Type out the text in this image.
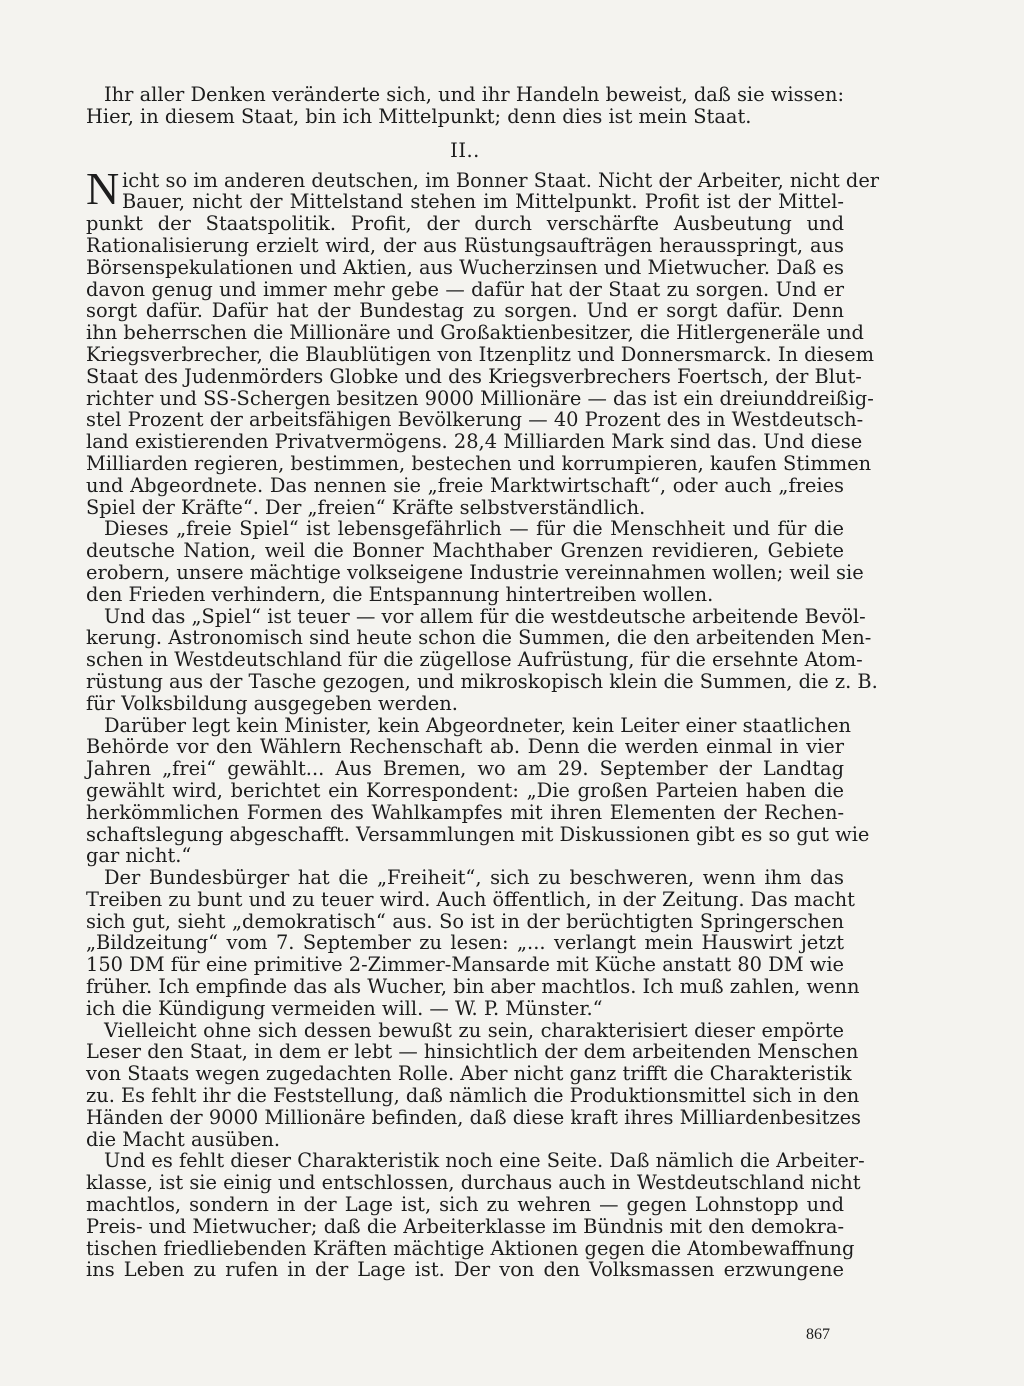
Ihr aller Denken veränderte sich, und ihr Handeln beweist, daß sie wissen:
Hier, in diesem Staat, bin ich Mittelpunkt; denn dies ist mein Staat.
II..
N icht so im anderen deutschen, im Bonner Staat. Nicht der Arbeiter, nicht der
Bauer, nicht der Mittelstand stehen im Mittelpunkt. Profit ist der Mittel-
punkt der Staatspolitik. Profit, der durch verschärfte Ausbeutung und
Rationalisierung erzielt wird, der aus Rüstungsaufträgen herausspringt, aus
Börsenspekulationen und Aktien, aus Wucherzinsen und Mietwucher. Daß es
davon genug und immer mehr gebe — dafür hat der Staat zu sorgen. Und er
sorgt dafür. Dafür hat der Bundestag zu sorgen. Und er sorgt dafür. Denn
ihn beherrschen die Millionäre und Großaktienbesitzer, die Hitlergeneräle und
Kriegsverbrecher, die Blaublütigen von Itzenplitz und Donnersmarck. In diesem
Staat des Judenmörders Globke und des Kriegsverbrechers Foertsch, der Blut-
richter und SS-Schergen besitzen 9000 Millionäre — das ist ein dreiunddreißig-
stel Prozent der arbeitsfähigen Bevölkerung — 40 Prozent des in Westdeutsch-
land existierenden Privatvermögens. 28,4 Milliarden Mark sind das. Und diese
Milliarden regieren, bestimmen, bestechen und korrumpieren, kaufen Stimmen
und Abgeordnete. Das nennen sie „freie Marktwirtschaft“, oder auch „freies
Spiel der Kräfte“. Der „freien“ Kräfte selbstverständlich.
Dieses „freie Spiel“ ist lebensgefährlich — für die Menschheit und für die
deutsche Nation, weil die Bonner Machthaber Grenzen revidieren, Gebiete
erobern, unsere mächtige volkseigene Industrie vereinnahmen wollen; weil sie
den Frieden verhindern, die Entspannung hintertreiben wollen.
Und das „Spiel“ ist teuer — vor allem für die westdeutsche arbeitende Bevöl-
kerung. Astronomisch sind heute schon die Summen, die den arbeitenden Men-
schen in Westdeutschland für die zügellose Aufrüstung, für die ersehnte Atom-
rüstung aus der Tasche gezogen, und mikroskopisch klein die Summen, die z. B.
für Volksbildung ausgegeben werden.
Darüber legt kein Minister, kein Abgeordneter, kein Leiter einer staatlichen
Behörde vor den Wählern Rechenschaft ab. Denn die werden einmal in vier
Jahren „frei“ gewählt... Aus Bremen, wo am 29. September der Landtag
gewählt wird, berichtet ein Korrespondent: „Die großen Parteien haben die
herkömmlichen Formen des Wahlkampfes mit ihren Elementen der Rechen-
schaftslegung abgeschafft. Versammlungen mit Diskussionen gibt es so gut wie
gar nicht.“
Der Bundesbürger hat die „Freiheit“, sich zu beschweren, wenn ihm das
Treiben zu bunt und zu teuer wird. Auch öffentlich, in der Zeitung. Das macht
sich gut, sieht „demokratisch“ aus. So ist in der berüchtigten Springerschen
„Bildzeitung“ vom 7. September zu lesen: „... verlangt mein Hauswirt jetzt
150 DM für eine primitive 2-Zimmer-Mansarde mit Küche anstatt 80 DM wie
früher. Ich empfinde das als Wucher, bin aber machtlos. Ich muß zahlen, wenn
ich die Kündigung vermeiden will. — W. P. Münster.“
Vielleicht ohne sich dessen bewußt zu sein, charakterisiert dieser empörte
Leser den Staat, in dem er lebt — hinsichtlich der dem arbeitenden Menschen
von Staats wegen zugedachten Rolle. Aber nicht ganz trifft die Charakteristik
zu. Es fehlt ihr die Feststellung, daß nämlich die Produktionsmittel sich in den
Händen der 9000 Millionäre befinden, daß diese kraft ihres Milliardenbesitzes
die Macht ausüben.
Und es fehlt dieser Charakteristik noch eine Seite. Daß nämlich die Arbeiter-
klasse, ist sie einig und entschlossen, durchaus auch in Westdeutschland nicht
machtlos, sondern in der Lage ist, sich zu wehren — gegen Lohnstopp und
Preis- und Mietwucher; daß die Arbeiterklasse im Bündnis mit den demokra-
tischen friedliebenden Kräften mächtige Aktionen gegen die Atombewaffnung
ins Leben zu rufen in der Lage ist. Der von den Volksmassen erzwungene
867
